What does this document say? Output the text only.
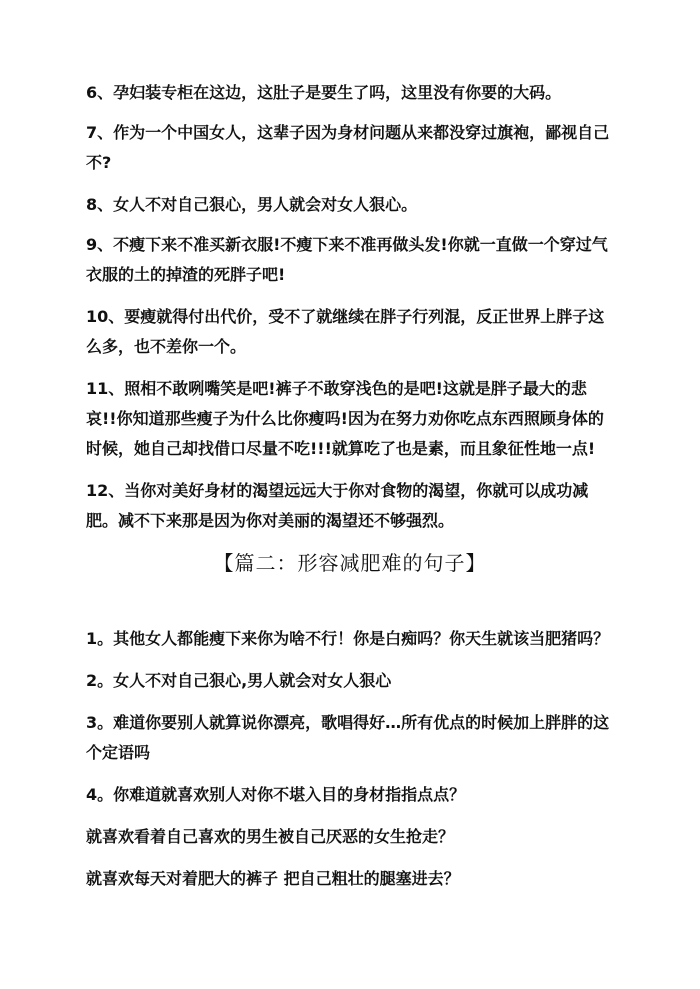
6、孕妇装专柜在这边，这肚子是要生了吗，这里没有你要的大码。

7、作为一个中国女人，这辈子因为身材问题从来都没穿过旗袍，鄙视自己不?

8、女人不对自己狠心，男人就会对女人狠心。

9、不瘦下来不准买新衣服!不瘦下来不准再做头发!你就一直做一个穿过气衣服的土的掉渣的死胖子吧!

10、要瘦就得付出代价，受不了就继续在胖子行列混，反正世界上胖子这么多，也不差你一个。

11、照相不敢咧嘴笑是吧!裤子不敢穿浅色的是吧!这就是胖子最大的悲哀!!你知道那些瘦子为什么比你瘦吗!因为在努力劝你吃点东西照顾身体的时候，她自己却找借口尽量不吃!!!就算吃了也是素，而且象征性地一点!

12、当你对美好身材的渴望远远大于你对食物的渴望，你就可以成功减肥。减不下来那是因为你对美丽的渴望还不够强烈。

【篇二：形容减肥难的句子】

1。其他女人都能瘦下来你为啥不行！你是白痴吗？你天生就该当肥猪吗？

2。女人不对自己狠心,男人就会对女人狠心

3。难道你要别人就算说你漂亮，歌唱得好…所有优点的时候加上胖胖的这个定语吗

4。你难道就喜欢别人对你不堪入目的身材指指点点？

就喜欢看着自己喜欢的男生被自己厌恶的女生抢走？

就喜欢每天对着肥大的裤子 把自己粗壮的腿塞进去？
